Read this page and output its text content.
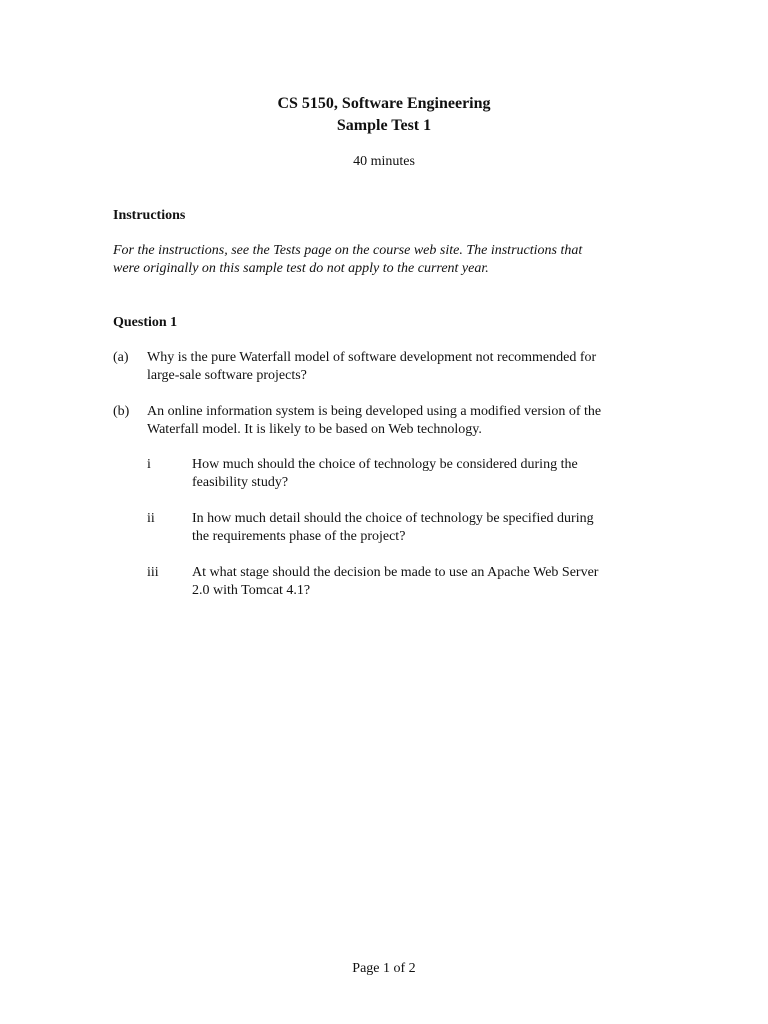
CS 5150, Software Engineering
Sample Test 1
40 minutes
Instructions
For the instructions, see the Tests page on the course web site. The instructions that
were originally on this sample test do not apply to the current year.
Question 1
(a) Why is the pure Waterfall model of software development not recommended for
large-sale software projects?
(b) An online information system is being developed using a modified version of the
Waterfall model. It is likely to be based on Web technology.
i	How much should the choice of technology be considered during the
feasibility study?
ii	In how much detail should the choice of technology be specified during
the requirements phase of the project?
iii At what stage should the decision be made to use an Apache Web Server
2.0 with Tomcat 4.1?
Page 1 of 2
